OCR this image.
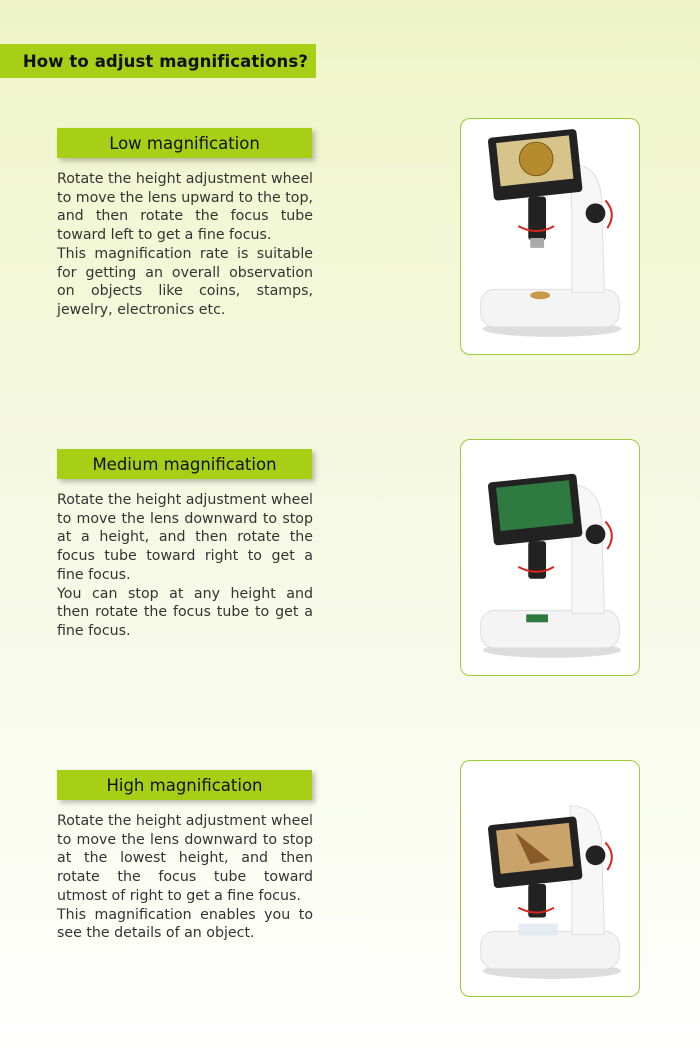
How to adjust magnifications?
Low magnification

Rotate the height adjustment wheel to move the lens upward to the top, and then rotate the focus tube toward left to get a fine focus.

This magnification rate is suitable for getting an overall observation on objects like coins, stamps, jewelry, electronics etc.

Medium magnification

Rotate the height adjustment wheel to move the lens downward to stop at a height, and then rotate the focus tube toward right to get a fine focus.

You can stop at any height and then rotate the focus tube to get a fine focus.

High magnification

Rotate the height adjustment wheel to move the lens downward to stop at the lowest height, and then rotate the focus tube toward utmost of right to get a fine focus.

This magnification enables you to see the details of an object.
